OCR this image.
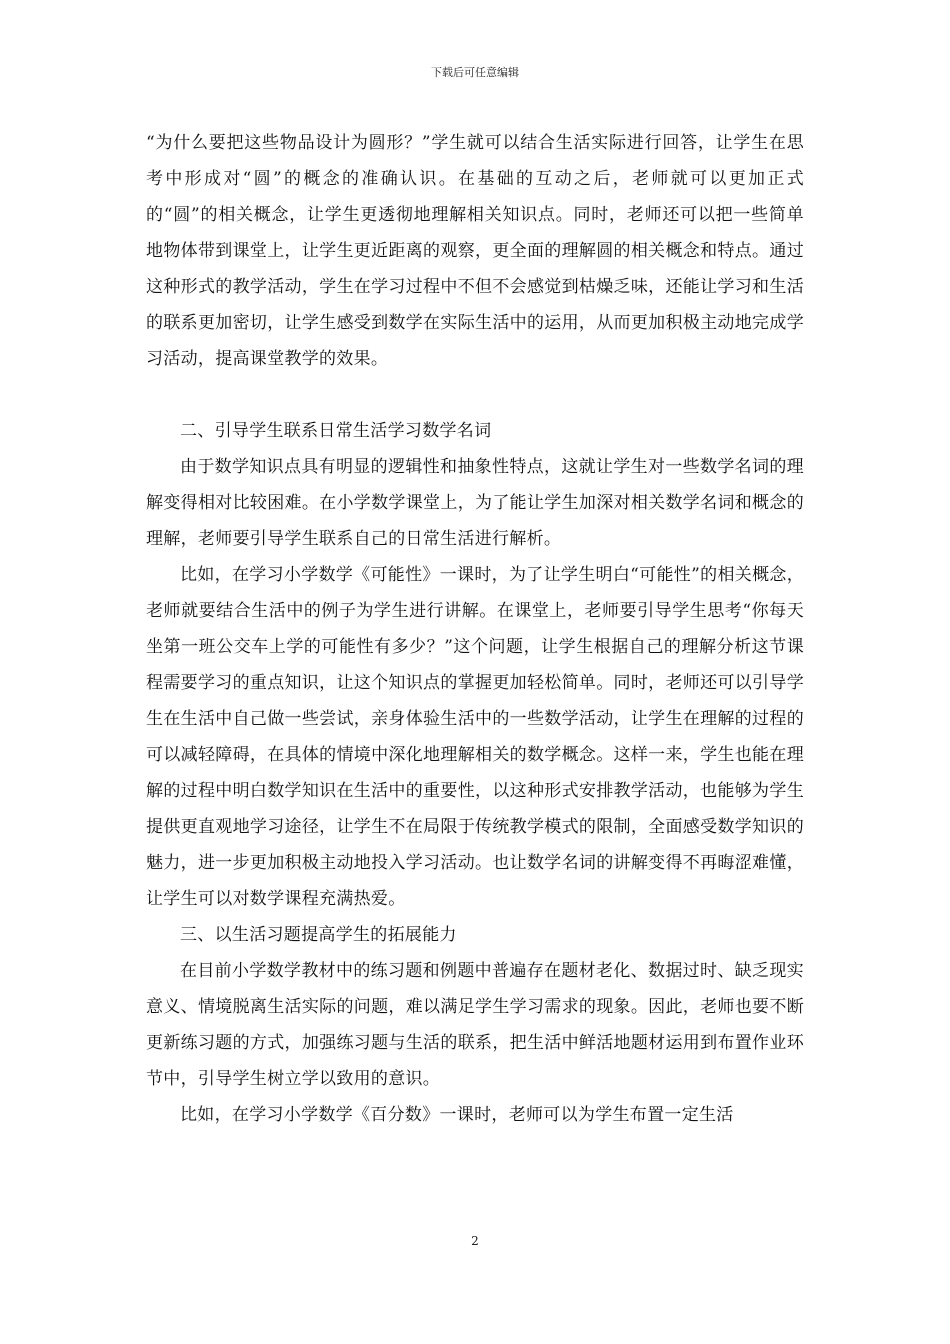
下载后可任意编辑

“为什么要把这些物品设计为圆形？”学生就可以结合生活实际进行回答，让学生在思考中形成对“圆”的概念的准确认识。在基础的互动之后，老师就可以更加正式的“圆”的相关概念，让学生更透彻地理解相关知识点。同时，老师还可以把一些简单地物体带到课堂上，让学生更近距离的观察，更全面的理解圆的相关概念和特点。通过这种形式的教学活动，学生在学习过程中不但不会感觉到枯燥乏味，还能让学习和生活的联系更加密切，让学生感受到数学在实际生活中的运用，从而更加积极主动地完成学习活动，提高课堂教学的效果。

二、引导学生联系日常生活学习数学名词

由于数学知识点具有明显的逻辑性和抽象性特点，这就让学生对一些数学名词的理解变得相对比较困难。在小学数学课堂上，为了能让学生加深对相关数学名词和概念的理解，老师要引导学生联系自己的日常生活进行解析。

比如，在学习小学数学《可能性》一课时，为了让学生明白“可能性”的相关概念，老师就要结合生活中的例子为学生进行讲解。在课堂上，老师要引导学生思考“你每天坐第一班公交车上学的可能性有多少？”这个问题，让学生根据自己的理解分析这节课程需要学习的重点知识，让这个知识点的掌握更加轻松简单。同时，老师还可以引导学生在生活中自己做一些尝试，亲身体验生活中的一些数学活动，让学生在理解的过程的可以减轻障碍，在具体的情境中深化地理解相关的数学概念。这样一来，学生也能在理解的过程中明白数学知识在生活中的重要性，以这种形式安排教学活动，也能够为学生提供更直观地学习途径，让学生不在局限于传统教学模式的限制，全面感受数学知识的魅力，进一步更加积极主动地投入学习活动。也让数学名词的讲解变得不再晦涩难懂，让学生可以对数学课程充满热爱。

三、以生活习题提高学生的拓展能力

在目前小学数学教材中的练习题和例题中普遍存在题材老化、数据过时、缺乏现实意义、情境脱离生活实际的问题，难以满足学生学习需求的现象。因此，老师也要不断更新练习题的方式，加强练习题与生活的联系，把生活中鲜活地题材运用到布置作业环节中，引导学生树立学以致用的意识。

比如，在学习小学数学《百分数》一课时，老师可以为学生布置一定生活

2
